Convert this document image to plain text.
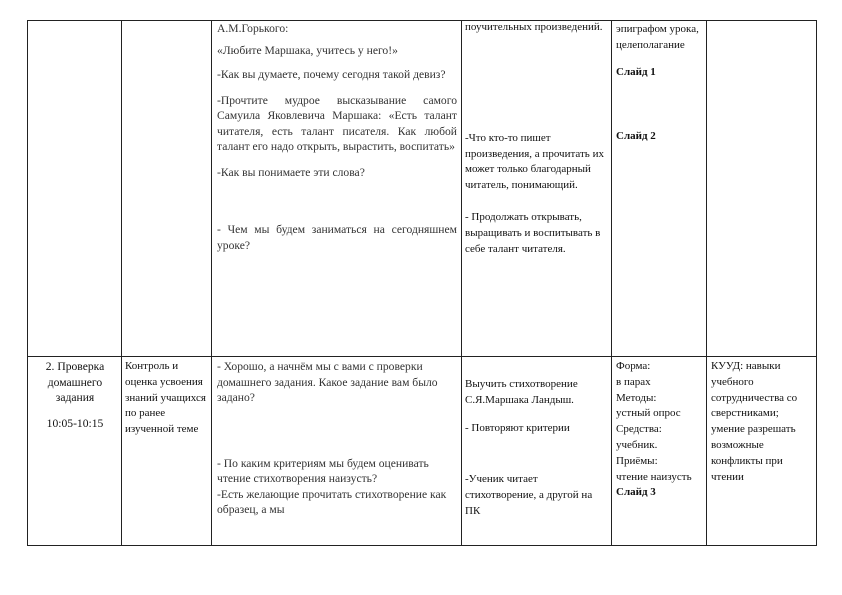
А.М.Горького:

«Любите Маршака, учитесь у него!»

-Как вы думаете, почему сегодня такой девиз?

-Прочтите мудрое высказывание самого Самуила Яковлевича Маршака: «Есть талант читателя, есть талант писателя. Как любой талант его надо открыть, вырастить, воспитать»

-Как вы понимаете эти слова?

- Чем мы будем заниматься на сегодняшнем уроке?

поучительных произведений.

-Что кто-то пишет произведения, а прочитать их может только благодарный читатель, понимающий.

- Продолжать открывать, выращивать и воспитывать в себе талант читателя.

эпиграфом урока,
целеполагание
Слайд 1
Слайд 2
2. Проверка домашнего задания
10:05-10:15
Контроль и оценка усвоения знаний учащихся по ранее изученной теме

- Хорошо, а начнём мы с вами с проверки домашнего задания. Какое задание вам было задано?

- По каким критериям мы будем оценивать чтение стихотворения наизусть?

-Есть желающие прочитать стихотворение как образец, а мы

Выучить стихотворение С.Я.Маршака Ландыш.

- Повторяют критерии

-Ученик читает стихотворение, а другой на ПК

Форма:
в парах
Методы:
устный опрос
Средства:
учебник.
Приёмы:
чтение наизусть
Слайд 3
КУУД: навыки учебного сотрудничества со сверстниками; умение разрешать возможные конфликты при чтении
